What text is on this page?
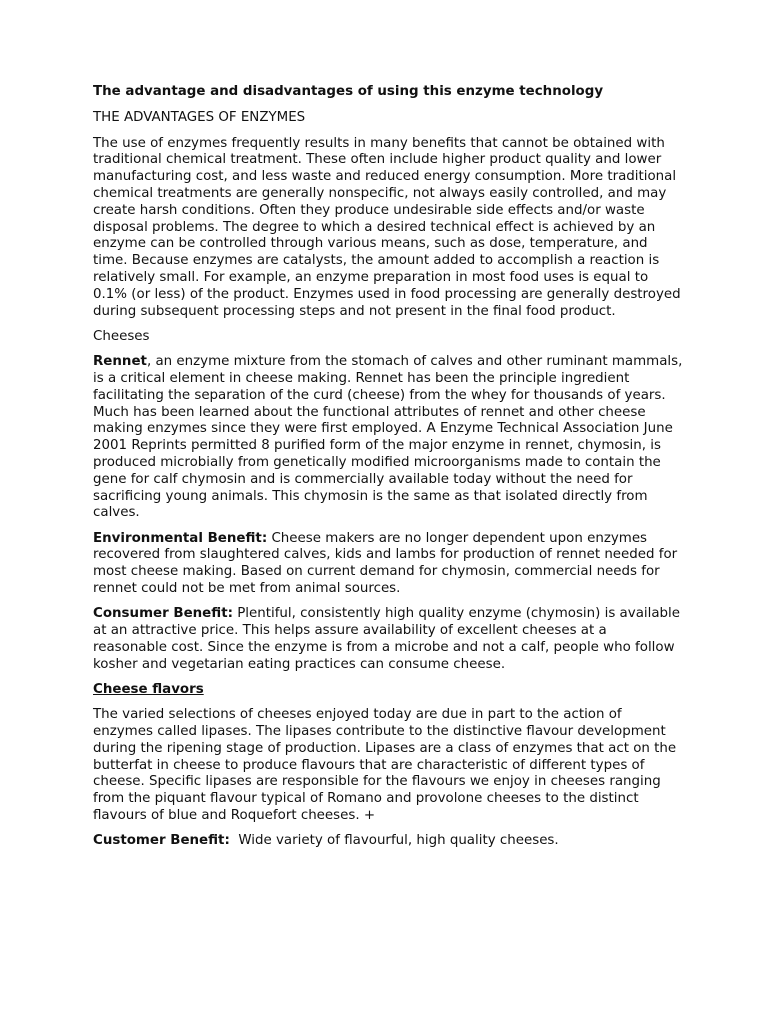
The advantage and disadvantages of using this enzyme technology

THE ADVANTAGES OF ENZYMES

The use of enzymes frequently results in many benefits that cannot be obtained with traditional chemical treatment. These often include higher product quality and lower manufacturing cost, and less waste and reduced energy consumption. More traditional chemical treatments are generally nonspecific, not always easily controlled, and may create harsh conditions. Often they produce undesirable side effects and/or waste disposal problems. The degree to which a desired technical effect is achieved by an enzyme can be controlled through various means, such as dose, temperature, and time. Because enzymes are catalysts, the amount added to accomplish a reaction is relatively small. For example, an enzyme preparation in most food uses is equal to 0.1% (or less) of the product. Enzymes used in food processing are generally destroyed during subsequent processing steps and not present in the final food product.

Cheeses

Rennet, an enzyme mixture from the stomach of calves and other ruminant mammals, is a critical element in cheese making. Rennet has been the principle ingredient facilitating the separation of the curd (cheese) from the whey for thousands of years. Much has been learned about the functional attributes of rennet and other cheese making enzymes since they were first employed. A Enzyme Technical Association June 2001 Reprints permitted 8 purified form of the major enzyme in rennet, chymosin, is produced microbially from genetically modified microorganisms made to contain the gene for calf chymosin and is commercially available today without the need for sacrificing young animals. This chymosin is the same as that isolated directly from calves.

Environmental Benefit: Cheese makers are no longer dependent upon enzymes recovered from slaughtered calves, kids and lambs for production of rennet needed for most cheese making. Based on current demand for chymosin, commercial needs for rennet could not be met from animal sources.

Consumer Benefit: Plentiful, consistently high quality enzyme (chymosin) is available at an attractive price. This helps assure availability of excellent cheeses at a reasonable cost. Since the enzyme is from a microbe and not a calf, people who follow kosher and vegetarian eating practices can consume cheese.

Cheese flavors

The varied selections of cheeses enjoyed today are due in part to the action of enzymes called lipases. The lipases contribute to the distinctive flavour development during the ripening stage of production. Lipases are a class of enzymes that act on the butterfat in cheese to produce flavours that are characteristic of different types of cheese. Specific lipases are responsible for the flavours we enjoy in cheeses ranging from the piquant flavour typical of Romano and provolone cheeses to the distinct flavours of blue and Roquefort cheeses. +

Customer Benefit:  Wide variety of flavourful, high quality cheeses.
